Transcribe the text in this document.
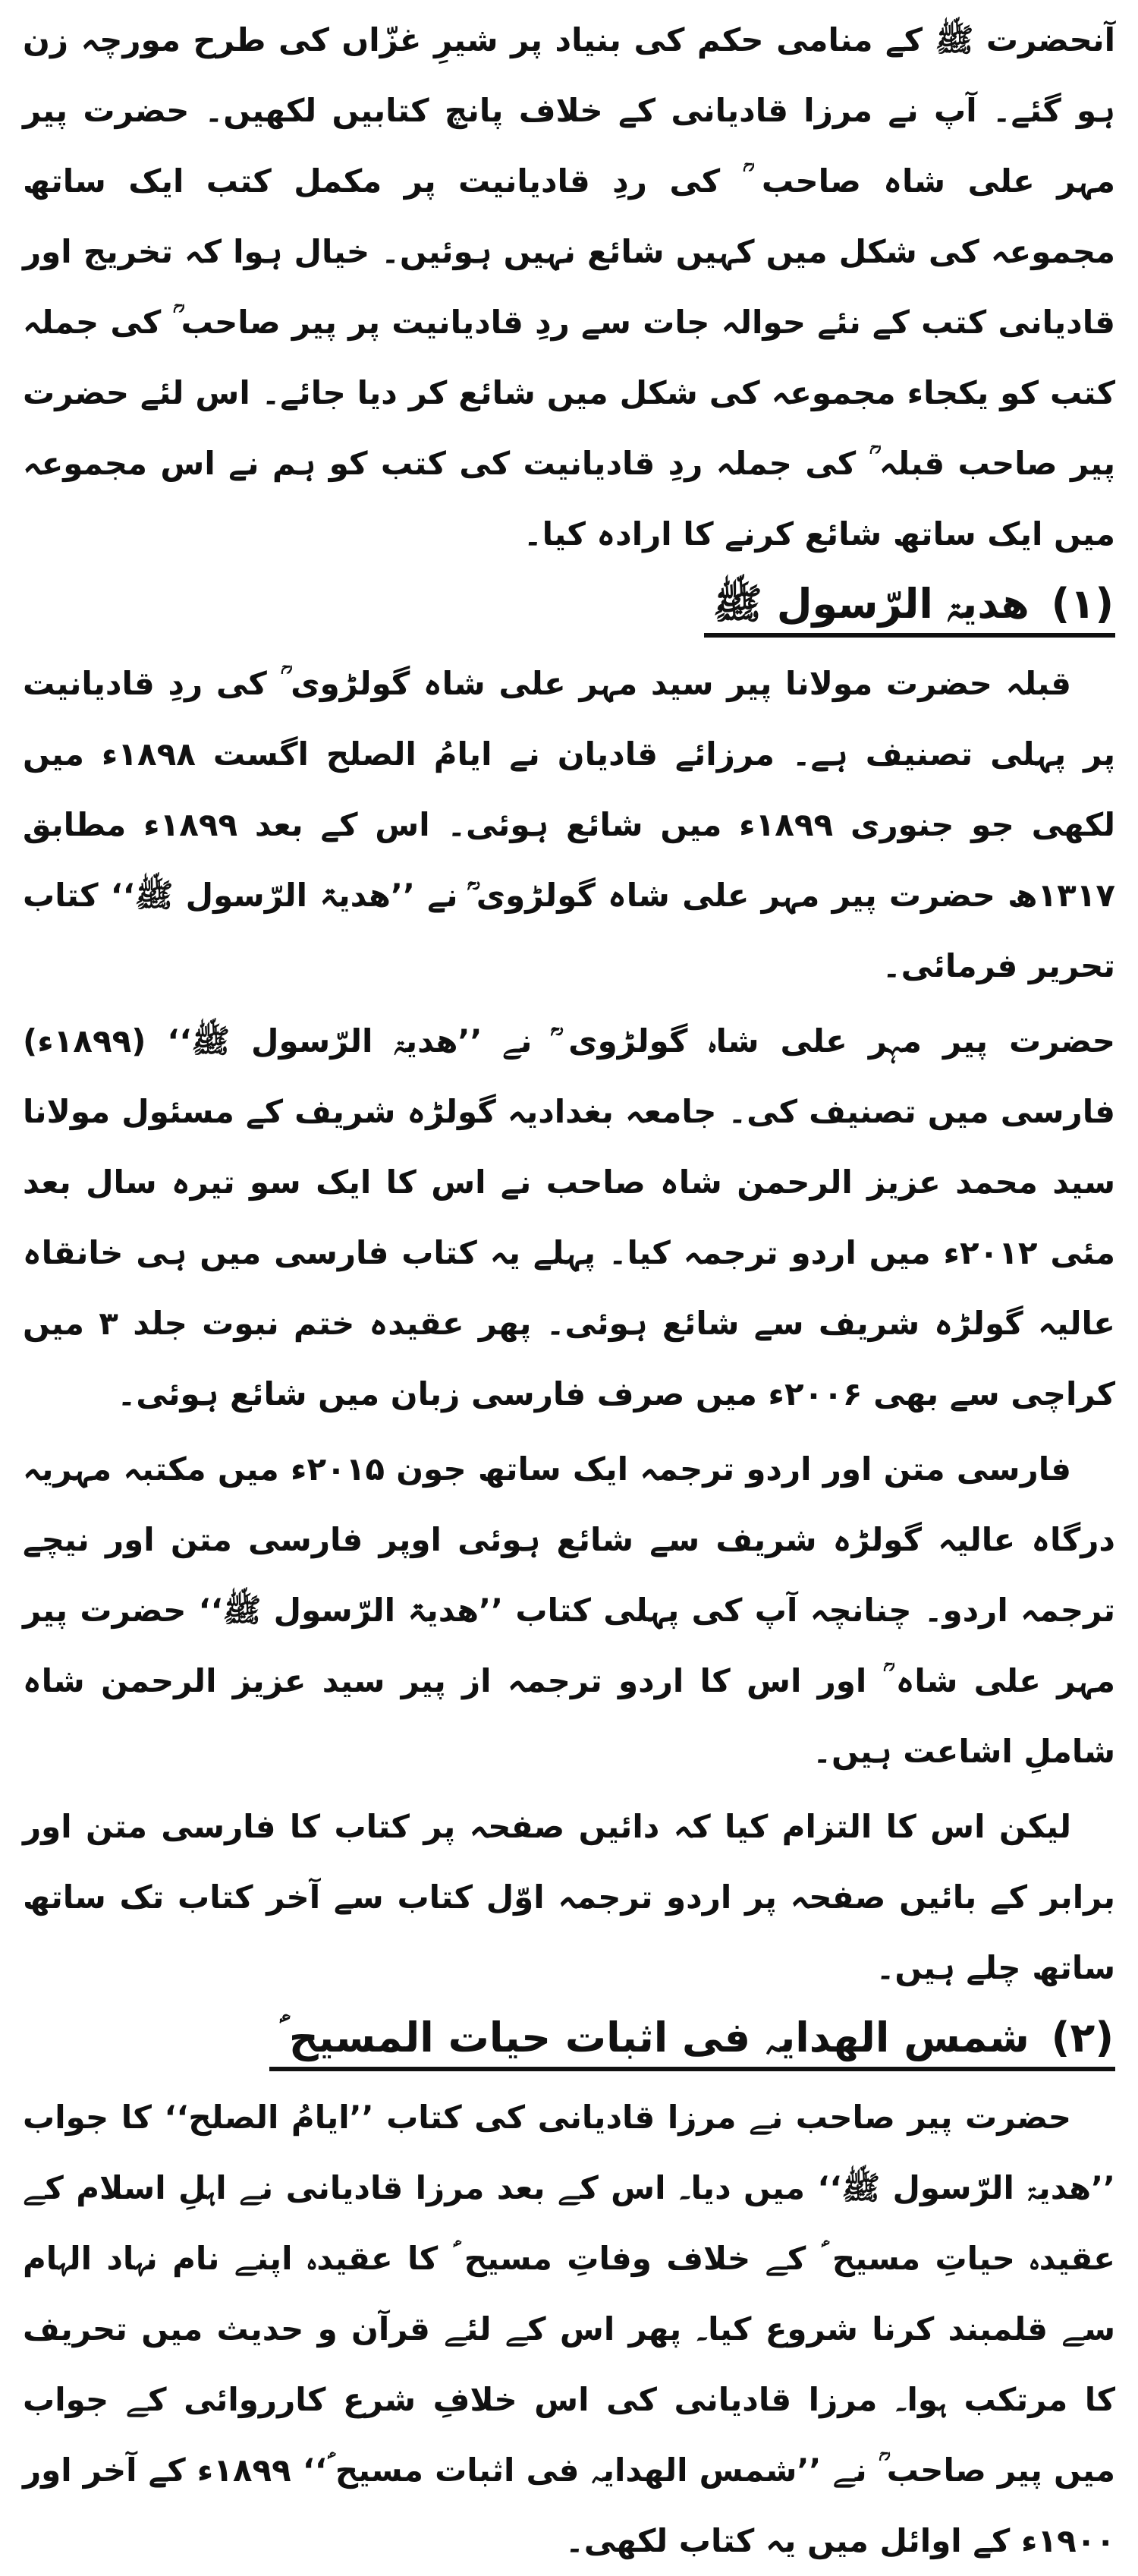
آنحضرت ﷺ کے منامی حکم کی بنیاد پر شیرِ غزّاں کی طرح مورچہ زن ہو گئے۔ آپ نے مرزا قادیانی کے خلاف پانچ کتابیں لکھیں۔ حضرت پیر مہر علی شاہ صاحب ؒ کی ردِ قادیانیت پر مکمل کتب ایک ساتھ مجموعہ کی شکل میں کہیں شائع نہیں ہوئیں۔ خیال ہوا کہ تخریج اور قادیانی کتب کے نئے حوالہ جات سے ردِ قادیانیت پر پیر صاحب ؒ کی جملہ کتب کو یکجاء مجموعہ کی شکل میں شائع کر دیا جائے۔ اس لئے حضرت پیر صاحب قبلہ ؒ کی جملہ ردِ قادیانیت کی کتب کو ہم نے اس مجموعہ میں ایک ساتھ شائع کرنے کا ارادہ کیا۔

(۱) ھدیۃ الرّسول ﷺ

قبلہ حضرت مولانا پیر سید مہر علی شاہ گولڑوی ؒ کی ردِ قادیانیت پر پہلی تصنیف ہے۔ مرزائے قادیان نے ایامُ الصلح اگست ۱۸۹۸ء میں لکھی جو جنوری ۱۸۹۹ء میں شائع ہوئی۔ اس کے بعد ۱۸۹۹ء مطابق ۱۳۱۷ھ حضرت پیر مہر علی شاہ گولڑوی ؒ نے ’’ھدیۃ الرّسول ﷺ‘‘ کتاب تحریر فرمائی۔

حضرت پیر مہر علی شاہ گولڑوی ؒ نے ’’ھدیۃ الرّسول ﷺ‘‘ (۱۸۹۹ء) فارسی میں تصنیف کی۔ جامعہ بغدادیہ گولڑہ شریف کے مسئول مولانا سید محمد عزیز الرحمن شاہ صاحب نے اس کا ایک سو تیرہ سال بعد مئی ۲۰۱۲ء میں اردو ترجمہ کیا۔ پہلے یہ کتاب فارسی میں ہی خانقاہ عالیہ گولڑہ شریف سے شائع ہوئی۔ پھر عقیدہ ختم نبوت جلد ۳ میں کراچی سے بھی ۲۰۰۶ء میں صرف فارسی زبان میں شائع ہوئی۔

فارسی متن اور اردو ترجمہ ایک ساتھ جون ۲۰۱۵ء میں مکتبہ مہریہ درگاہ عالیہ گولڑہ شریف سے شائع ہوئی اوپر فارسی متن اور نیچے ترجمہ اردو۔ چنانچہ آپ کی پہلی کتاب ’’ھدیۃ الرّسول ﷺ‘‘ حضرت پیر مہر علی شاہ ؒ اور اس کا اردو ترجمہ از پیر سید عزیز الرحمن شاہ شاملِ اشاعت ہیں۔

لیکن اس کا التزام کیا کہ دائیں صفحہ پر کتاب کا فارسی متن اور برابر کے بائیں صفحہ پر اردو ترجمہ اوّل کتاب سے آخر کتاب تک ساتھ ساتھ چلے ہیں۔

(۲) شمس الھدایہ فی اثبات حیات المسیح ؑ

حضرت پیر صاحب نے مرزا قادیانی کی کتاب ’’ایامُ الصلح‘‘ کا جواب ’’ھدیۃ الرّسول ﷺ‘‘ میں دیا۔ اس کے بعد مرزا قادیانی نے اہلِ اسلام کے عقیدہ حیاتِ مسیح ؑ کے خلاف وفاتِ مسیح ؑ کا عقیدہ اپنے نام نہاد الہام سے قلمبند کرنا شروع کیا۔ پھر اس کے لئے قرآن و حدیث میں تحریف کا مرتکب ہوا۔ مرزا قادیانی کی اس خلافِ شرع کارروائی کے جواب میں پیر صاحب ؒ نے ’’شمس الھدایہ فی اثبات مسیح ؑ‘‘ ۱۸۹۹ء کے آخر اور ۱۹۰۰ء کے اوائل میں یہ کتاب لکھی۔
